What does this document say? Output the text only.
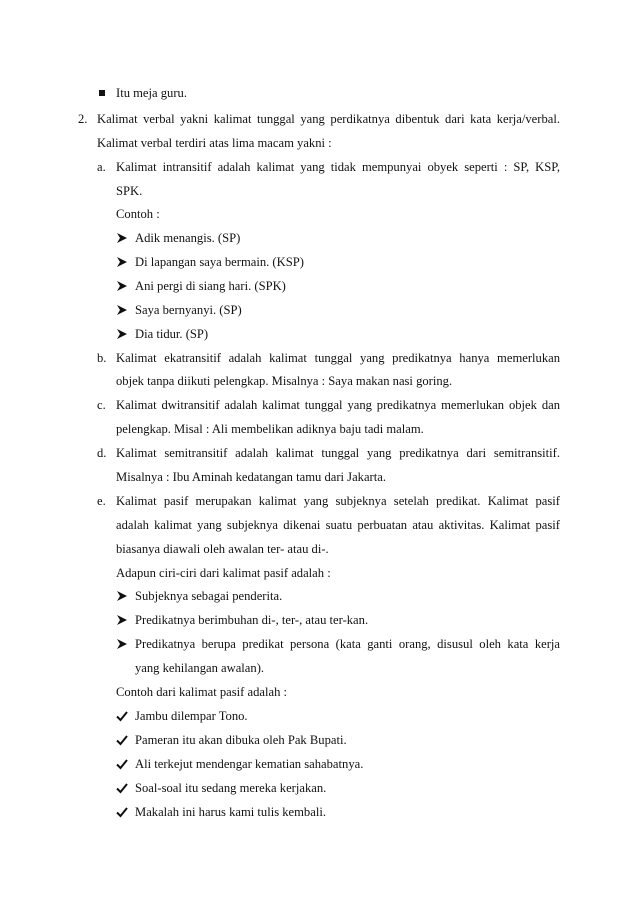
Itu meja guru.
2. Kalimat verbal yakni kalimat tunggal yang perdikatnya dibentuk dari kata kerja/verbal.
Kalimat verbal terdiri atas lima macam yakni :
a. Kalimat intransitif adalah kalimat yang tidak mempunyai obyek seperti : SP, KSP,
SPK.
Contoh :
Adik menangis. (SP)
Di lapangan saya bermain. (KSP)
Ani pergi di siang hari. (SPK)
Saya bernyanyi. (SP)
Dia tidur. (SP)
b. Kalimat ekatransitif adalah kalimat tunggal yang predikatnya hanya memerlukan
objek tanpa diikuti pelengkap. Misalnya : Saya makan nasi goring.
c. Kalimat dwitransitif adalah kalimat tunggal yang predikatnya memerlukan objek dan
pelengkap. Misal : Ali membelikan adiknya baju tadi malam.
d. Kalimat semitransitif adalah kalimat tunggal yang predikatnya dari semitransitif.
Misalnya : Ibu Aminah kedatangan tamu dari Jakarta.
e. Kalimat pasif merupakan kalimat yang subjeknya setelah predikat. Kalimat pasif
adalah kalimat yang subjeknya dikenai suatu perbuatan atau aktivitas. Kalimat pasif
biasanya diawali oleh awalan ter- atau di-.
Adapun ciri-ciri dari kalimat pasif adalah :
Subjeknya sebagai penderita.
Predikatnya berimbuhan di-, ter-, atau ter-kan.
Predikatnya berupa predikat persona (kata ganti orang, disusul oleh kata kerja
yang kehilangan awalan).
Contoh dari kalimat pasif adalah :
Jambu dilempar Tono.
Pameran itu akan dibuka oleh Pak Bupati.
Ali terkejut mendengar kematian sahabatnya.
Soal-soal itu sedang mereka kerjakan.
Makalah ini harus kami tulis kembali.
